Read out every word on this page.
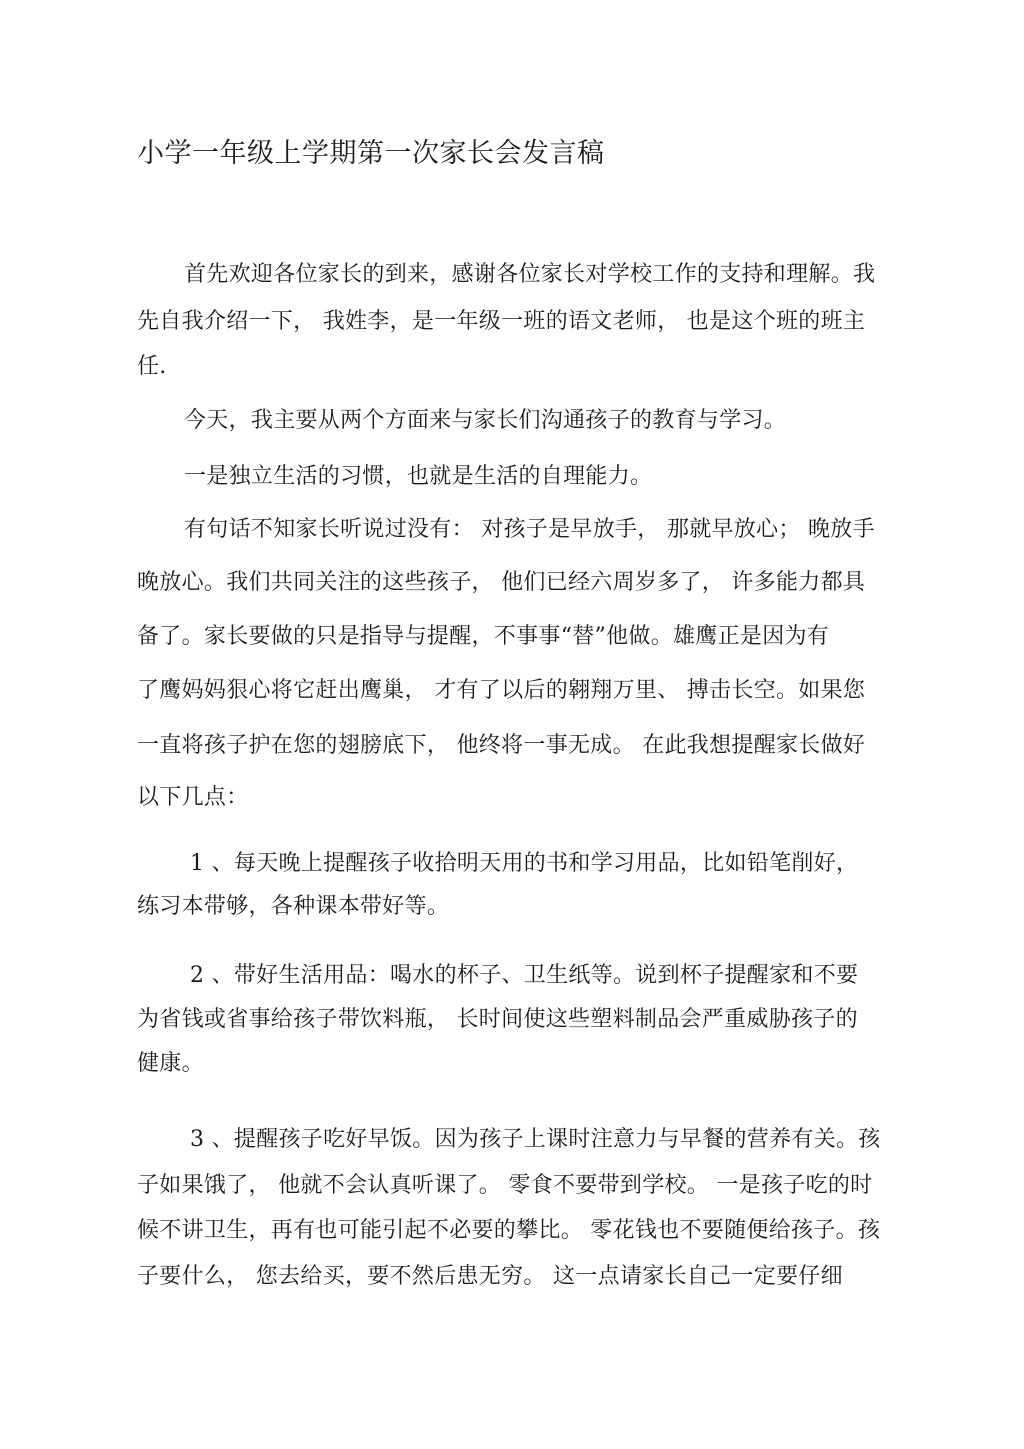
小学一年级上学期第一次家长会发言稿
首先欢迎各位家长的到来，感谢各位家长对学校工作的支持和理解。我
先自我介绍一下， 我姓李，是一年级一班的语文老师， 也是这个班的班主
任.
今天，我主要从两个方面来与家长们沟通孩子的教育与学习。
一是独立生活的习惯，也就是生活的自理能力。
有句话不知家长听说过没有： 对孩子是早放手， 那就早放心； 晚放手
晚放心。我们共同关注的这些孩子， 他们已经六周岁多了， 许多能力都具
备了。家长要做的只是指导与提醒，不事事“替”他做。雄鹰正是因为有
了鹰妈妈狠心将它赶出鹰巢， 才有了以后的翱翔万里、 搏击长空。如果您
一直将孩子护在您的翅膀底下， 他终将一事无成。 在此我想提醒家长做好
以下几点：
1 、每天晚上提醒孩子收拾明天用的书和学习用品，比如铅笔削好，
练习本带够，各种课本带好等。
2 、带好生活用品：喝水的杯子、卫生纸等。说到杯子提醒家和不要
为省钱或省事给孩子带饮料瓶， 长时间使这些塑料制品会严重威胁孩子的
健康。
3 、提醒孩子吃好早饭。因为孩子上课时注意力与早餐的营养有关。孩
子如果饿了， 他就不会认真听课了。 零食不要带到学校。 一是孩子吃的时
候不讲卫生，再有也可能引起不必要的攀比。 零花钱也不要随便给孩子。孩
子要什么， 您去给买，要不然后患无穷。 这一点请家长自己一定要仔细
